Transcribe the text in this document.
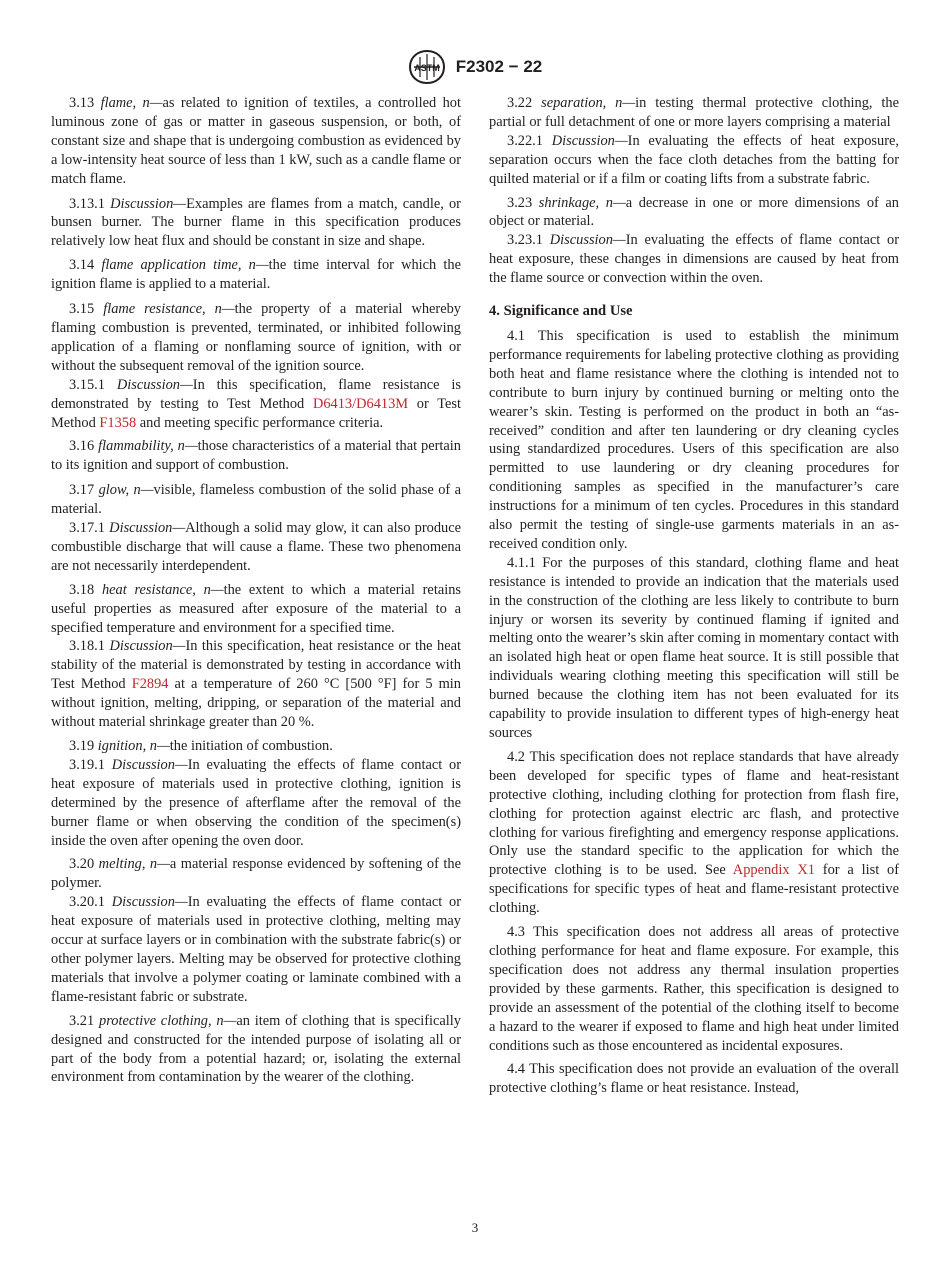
ASTM F2302 − 22

3.13 flame, n—as related to ignition of textiles, a controlled hot luminous zone of gas or matter in gaseous suspension, or both, of constant size and shape that is undergoing combustion as evidenced by a low-intensity heat source of less than 1 kW, such as a candle flame or match flame.

3.13.1 Discussion—Examples are flames from a match, candle, or bunsen burner. The burner flame in this specification produces relatively low heat flux and should be constant in size and shape.

3.14 flame application time, n—the time interval for which the ignition flame is applied to a material.

3.15 flame resistance, n—the property of a material whereby flaming combustion is prevented, terminated, or inhibited following application of a flaming or nonflaming source of ignition, with or without the subsequent removal of the ignition source.

3.15.1 Discussion—In this specification, flame resistance is demonstrated by testing to Test Method D6413/D6413M or Test Method F1358 and meeting specific performance criteria.

3.16 flammability, n—those characteristics of a material that pertain to its ignition and support of combustion.

3.17 glow, n—visible, flameless combustion of the solid phase of a material.

3.17.1 Discussion—Although a solid may glow, it can also produce combustible discharge that will cause a flame. These two phenomena are not necessarily interdependent.

3.18 heat resistance, n—the extent to which a material retains useful properties as measured after exposure of the material to a specified temperature and environment for a specified time.

3.18.1 Discussion—In this specification, heat resistance or the heat stability of the material is demonstrated by testing in accordance with Test Method F2894 at a temperature of 260 °C [500 °F] for 5 min without ignition, melting, dripping, or separation of the material and without material shrinkage greater than 20 %.

3.19 ignition, n—the initiation of combustion.

3.19.1 Discussion—In evaluating the effects of flame contact or heat exposure of materials used in protective clothing, ignition is determined by the presence of afterflame after the removal of the burner flame or when observing the condition of the specimen(s) inside the oven after opening the oven door.

3.20 melting, n—a material response evidenced by softening of the polymer.

3.20.1 Discussion—In evaluating the effects of flame contact or heat exposure of materials used in protective clothing, melting may occur at surface layers or in combination with the substrate fabric(s) or other polymer layers. Melting may be observed for protective clothing materials that involve a polymer coating or laminate combined with a flame-resistant fabric or substrate.

3.21 protective clothing, n—an item of clothing that is specifically designed and constructed for the intended purpose of isolating all or part of the body from a potential hazard; or, isolating the external environment from contamination by the wearer of the clothing.

3.22 separation, n—in testing thermal protective clothing, the partial or full detachment of one or more layers comprising a material

3.22.1 Discussion—In evaluating the effects of heat exposure, separation occurs when the face cloth detaches from the batting for quilted material or if a film or coating lifts from a substrate fabric.

3.23 shrinkage, n—a decrease in one or more dimensions of an object or material.

3.23.1 Discussion—In evaluating the effects of flame contact or heat exposure, these changes in dimensions are caused by heat from the flame source or convection within the oven.

4. Significance and Use

4.1 This specification is used to establish the minimum performance requirements for labeling protective clothing as providing both heat and flame resistance where the clothing is intended not to contribute to burn injury by continued burning or melting onto the wearer’s skin. Testing is performed on the product in both an “as-received” condition and after ten laundering or dry cleaning cycles using standardized procedures. Users of this specification are also permitted to use laundering or dry cleaning procedures for conditioning samples as specified in the manufacturer’s care instructions for a minimum of ten cycles. Procedures in this standard also permit the testing of single-use garments materials in an as-received condition only.

4.1.1 For the purposes of this standard, clothing flame and heat resistance is intended to provide an indication that the materials used in the construction of the clothing are less likely to contribute to burn injury or worsen its severity by continued flaming if ignited and melting onto the wearer’s skin after coming in momentary contact with an isolated high heat or open flame heat source. It is still possible that individuals wearing clothing meeting this specification will still be burned because the clothing item has not been evaluated for its capability to provide insulation to different types of high-energy heat sources

4.2 This specification does not replace standards that have already been developed for specific types of flame and heat-resistant protective clothing, including clothing for protection from flash fire, clothing for protection against electric arc flash, and protective clothing for various firefighting and emergency response applications. Only use the standard specific to the application for which the protective clothing is to be used. See Appendix X1 for a list of specifications for specific types of heat and flame-resistant protective clothing.

4.3 This specification does not address all areas of protective clothing performance for heat and flame exposure. For example, this specification does not address any thermal insulation properties provided by these garments. Rather, this specification is designed to provide an assessment of the potential of the clothing itself to become a hazard to the wearer if exposed to flame and high heat under limited conditions such as those encountered as incidental exposures.

4.4 This specification does not provide an evaluation of the overall protective clothing’s flame or heat resistance. Instead,

3
